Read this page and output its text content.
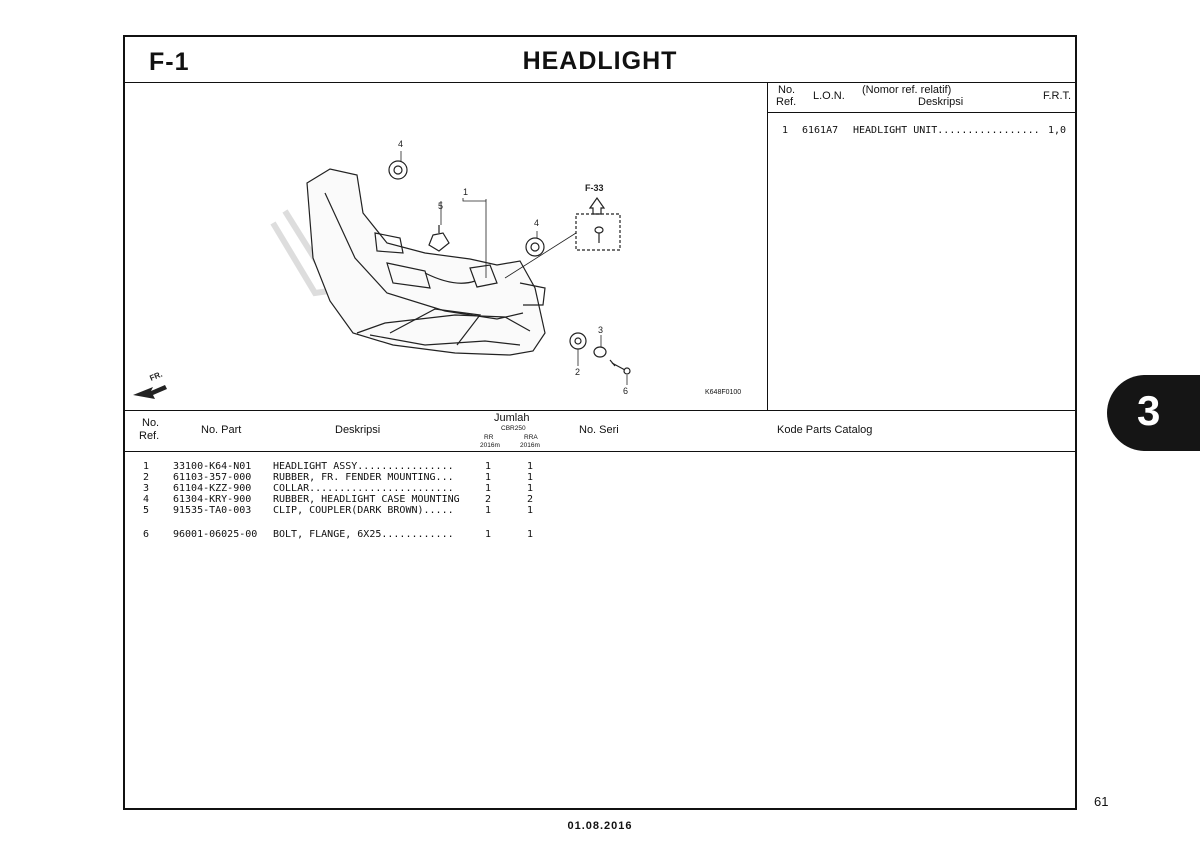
F-1	HEADLIGHT
1
2
3
4
4
5
6
F-33
FR.
K648F0100
No.
Ref. L.O.N. (Nomor ref. relatif)
Deskripsi	F.R.T.
1 6161A7 HEADLIGHT UNIT................. 1,0
No.
Ref.	No. Part	Deskripsi
Jumlah
CBR250
RR	RRA
2016m	2016m
No. Seri	Kode Parts Catalog
1 33100-K64-N01 HEADLIGHT ASSY................	1	1
2 61103-357-000 RUBBER, FR. FENDER MOUNTING...	1	1
3 61104-KZZ-900 COLLAR........................	1	1
4 61304-KRY-900 RUBBER, HEADLIGHT CASE MOUNTING	2	2
5 91535-TA0-003 CLIP, COUPLER(DARK BROWN).....	1	1
6 96001-06025-00 BOLT, FLANGE, 6X25............	1	1
3
61
01.08.2016
